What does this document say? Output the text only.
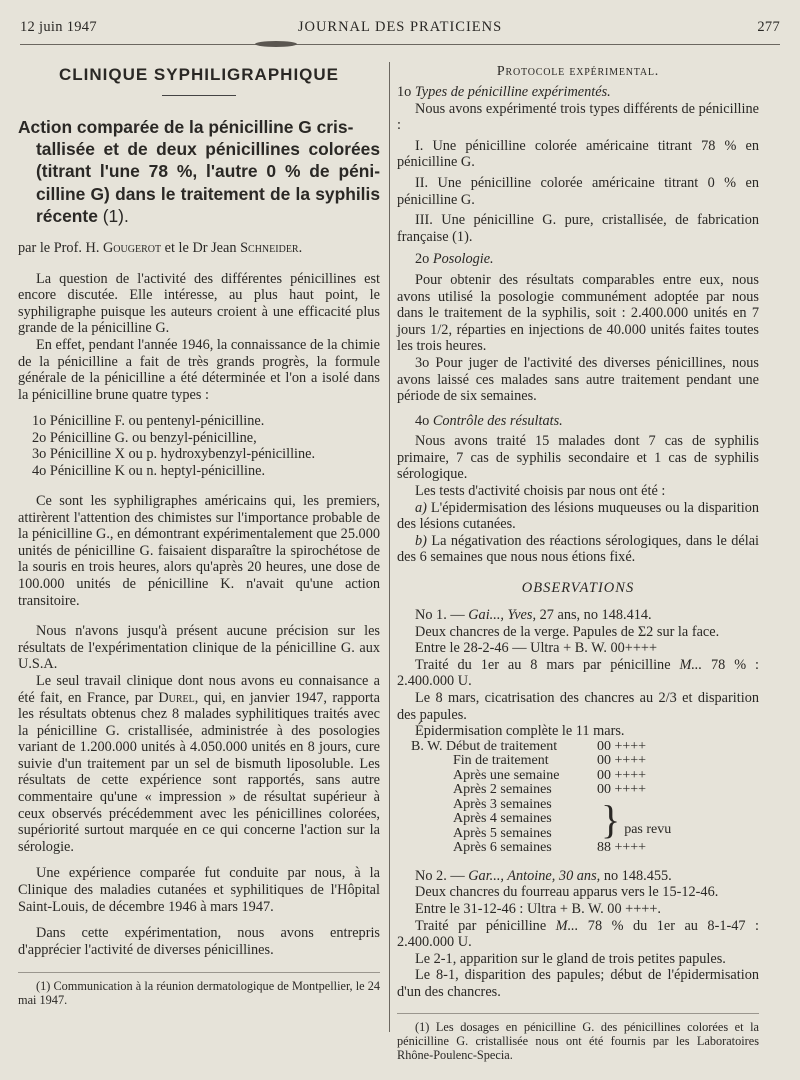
12 juin 1947	JOURNAL DES PRATICIENS	277
CLINIQUE SYPHILIGRAPHIQUE
Action comparée de la pénicilline G cris-
tallisée et de deux pénicillines colorées (titrant l'une 78 %, l'autre 0 % de péni-cilline G) dans le traitement de la syphilis récente (1).

par le Prof. H. Gougerot et le Dr Jean Schneider.

La question de l'activité des différentes pénicillines est encore discutée. Elle intéresse, au plus haut point, le syphiligraphe puisque les auteurs croient à une efficacité plus grande de la pénicilline G.

En effet, pendant l'année 1946, la connaissance de la chimie de la pénicilline a fait de très grands progrès, la formule générale de la pénicilline a été déterminée et l'on a isolé dans la pénicilline brune quatre types :

1o Pénicilline F. ou pentenyl-pénicilline.
2o Pénicilline G. ou benzyl-pénicilline,
3o Pénicilline X ou p. hydroxybenzyl-pénicilline.
4o Pénicilline K ou n. heptyl-pénicilline.

Ce sont les syphiligraphes américains qui, les premiers, attirèrent l'attention des chimistes sur l'importance probable de la pénicilline G., en démontrant expérimentalement que 25.000 unités de pénicilline G. faisaient disparaître la spirochétose de la souris en trois heures, alors qu'après 20 heures, une dose de 100.000 unités de pénicilline K. n'avait qu'une action transitoire.

Nous n'avons jusqu'à présent aucune précision sur les résultats de l'expérimentation clinique de la pénicilline G. aux U.S.A.

Le seul travail clinique dont nous avons eu connaisance a été fait, en France, par Durel, qui, en janvier 1947, rapporta les résultats obtenus chez 8 malades syphilitiques traités avec la pénicilline G. cristallisée, administrée à des posologies variant de 1.200.000 unités à 4.050.000 unités en 8 jours, cure suivie d'un traitement par un sel de bismuth liposoluble. Les résultats de cette expérience sont rapportés, sans autre commentaire qu'une « impression » de résultat supérieur à ceux observés précédemment avec les pénicillines colorées, supériorité surtout marquée en ce qui concerne l'action sur la sérologie.

Une expérience comparée fut conduite par nous, à la Clinique des maladies cutanées et syphilitiques de l'Hôpital Saint-Louis, de décembre 1946 à mars 1947.

Dans cette expérimentation, nous avons entrepris d'apprécier l'activité de diverses pénicillines.

(1) Communication à la réunion dermatologique de Montpellier, le 24 mai 1947.

Protocole expérimental.

1o Types de pénicilline expérimentés.

Nous avons expérimenté trois types différents de pénicilline :

I. Une pénicilline colorée américaine titrant 78 % en pénicilline G.

II. Une pénicilline colorée américaine titrant 0 % en pénicilline G.

III. Une pénicilline G. pure, cristallisée, de fabrication française (1).

2o Posologie.

Pour obtenir des résultats comparables entre eux, nous avons utilisé la posologie communément adoptée par nous dans le traitement de la syphilis, soit : 2.400.000 unités en 7 jours 1/2, réparties en injections de 40.000 unités faites toutes les trois heures.

3o Pour juger de l'activité des diverses pénicillines, nous avons laissé ces malades sans autre traitement pendant une période de six semaines.

4o Contrôle des résultats.

Nous avons traité 15 malades dont 7 cas de syphilis primaire, 7 cas de syphilis secondaire et 1 cas de syphilis sérologique.

Les tests d'activité choisis par nous ont été :

a) L'épidermisation des lésions muqueuses ou la disparition des lésions cutanées.

b) La négativation des réactions sérologiques, dans le délai des 6 semaines que nous nous étions fixé.

OBSERVATIONS

No 1. — Gai..., Yves, 27 ans, no 148.414.

Deux chancres de la verge. Papules de Σ2 sur la face.

Entre le 28-2-46 — Ultra + B. W. 00++++

Traité du 1er au 8 mars par pénicilline M... 78 % : 2.400.000 U.

Le 8 mars, cicatrisation des chancres au 2/3 et disparition des papules.

Épidermisation complète le 11 mars.

B. W. Début de traitement	00 ++++
Fin de traitement	00 ++++
Après une semaine	00 ++++
Après 2 semaines	00 ++++

Après 3 semaines
Après 4 semaines
Après 5 semaines	} pas revu
Après 6 semaines	88 ++++

No 2. — Gar..., Antoine, 30 ans, no 148.455.

Deux chancres du fourreau apparus vers le 15-12-46.

Entre le 31-12-46 : Ultra + B. W. 00 ++++.

Traité par pénicilline M... 78 % du 1er au 8-1-47 : 2.400.000 U.

Le 2-1, apparition sur le gland de trois petites papules.

Le 8-1, disparition des papules; début de l'épidermisation d'un des chancres.

(1) Les dosages en pénicilline G. des pénicillines colorées et la pénicilline G. cristallisée nous ont été fournis par les Laboratoires Rhône-Poulenc-Specia.
